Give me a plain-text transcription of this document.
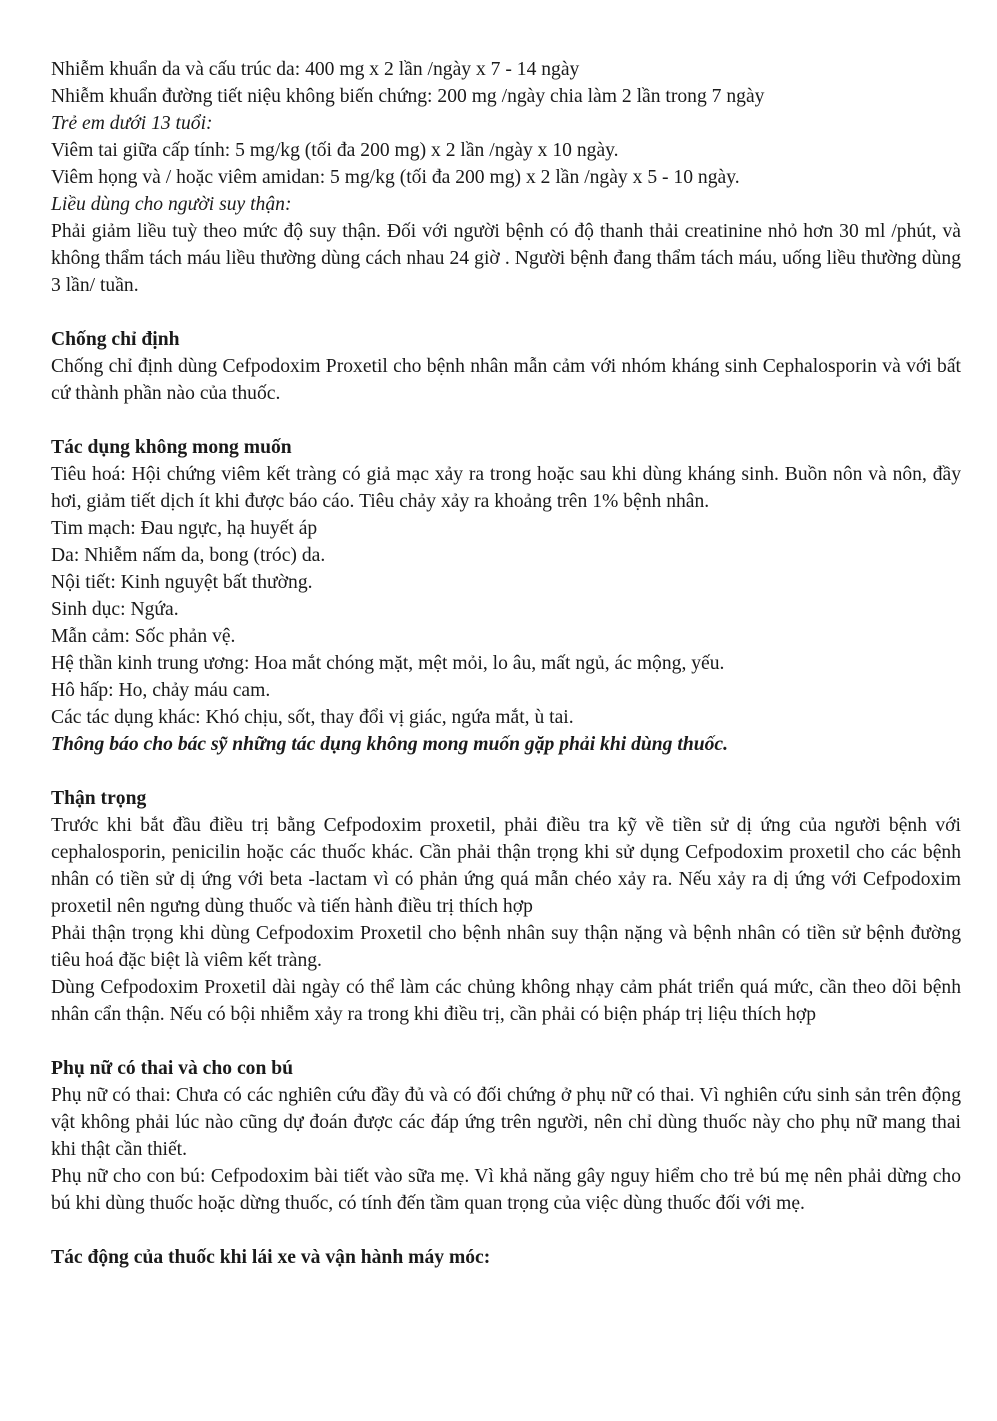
Nhiễm khuẩn da và cấu trúc da: 400 mg x 2 lần /ngày x 7 - 14 ngày

Nhiễm khuẩn đường tiết niệu không biến chứng: 200 mg /ngày chia làm 2 lần trong 7 ngày

Trẻ em dưới 13 tuổi:

Viêm tai giữa cấp tính: 5 mg/kg (tối đa 200 mg) x 2 lần /ngày x 10 ngày.

Viêm họng và / hoặc viêm amidan: 5 mg/kg (tối đa 200 mg) x 2 lần /ngày x 5 - 10 ngày.

Liều dùng cho người suy thận:

Phải giảm liều tuỳ theo mức độ suy thận. Đối với người bệnh có độ thanh thải creatinine nhỏ hơn 30 ml /phút, và không thẩm tách máu liều thường dùng cách nhau 24 giờ . Người bệnh đang thẩm tách máu, uống liều thường dùng 3 lần/ tuần.

Chống chỉ định

Chống chỉ định dùng Cefpodoxim Proxetil cho bệnh nhân mẫn cảm với nhóm kháng sinh Cephalosporin và với bất cứ thành phần nào của thuốc.

Tác dụng không mong muốn

Tiêu hoá: Hội chứng viêm kết tràng có giả mạc xảy ra trong hoặc sau khi dùng kháng sinh. Buồn nôn và nôn, đầy hơi, giảm tiết dịch ít khi được báo cáo. Tiêu chảy xảy ra khoảng trên 1% bệnh nhân.

Tim mạch: Đau ngực, hạ huyết áp

Da: Nhiễm nấm da, bong (tróc) da.

Nội tiết: Kinh nguyệt bất thường.

Sinh dục: Ngứa.

Mẫn cảm: Sốc phản vệ.

Hệ thần kinh trung ương: Hoa mắt chóng mặt, mệt mỏi, lo âu, mất ngủ, ác mộng, yếu.

Hô hấp: Ho, chảy máu cam.

Các tác dụng khác: Khó chịu, sốt, thay đổi vị giác, ngứa mắt, ù tai.

Thông báo cho bác sỹ những tác dụng không mong muốn gặp phải khi dùng thuốc.

Thận trọng

Trước khi bắt đầu điều trị bằng Cefpodoxim proxetil, phải điều tra kỹ về tiền sử dị ứng của người bệnh với cephalosporin, penicilin hoặc các thuốc khác. Cần phải thận trọng khi sử dụng Cefpodoxim proxetil cho các bệnh nhân có tiền sử dị ứng với beta -lactam vì có phản ứng quá mẫn chéo xảy ra. Nếu xảy ra dị ứng với Cefpodoxim proxetil nên ngưng dùng thuốc và tiến hành điều trị thích hợp

Phải thận trọng khi dùng Cefpodoxim Proxetil cho bệnh nhân suy thận nặng và bệnh nhân có tiền sử bệnh đường tiêu hoá đặc biệt là viêm kết tràng.

Dùng Cefpodoxim Proxetil dài ngày có thể làm các chủng không nhạy cảm phát triển quá mức, cần theo dõi bệnh nhân cẩn thận. Nếu có bội nhiễm xảy ra trong khi điều trị, cần phải có biện pháp trị liệu thích hợp

Phụ nữ có thai và cho con bú

Phụ nữ có thai: Chưa có các nghiên cứu đầy đủ và có đối chứng ở phụ nữ có thai. Vì nghiên cứu sinh sản trên động vật không phải lúc nào cũng dự đoán được các đáp ứng trên người, nên chỉ dùng thuốc này cho phụ nữ mang thai khi thật cần thiết.

Phụ nữ cho con bú: Cefpodoxim bài tiết vào sữa mẹ. Vì khả năng gây nguy hiểm cho trẻ bú mẹ nên phải dừng cho bú khi dùng thuốc hoặc dừng thuốc, có tính đến tầm quan trọng của việc dùng thuốc đối với mẹ.

Tác động của thuốc khi lái xe và vận hành máy móc:
